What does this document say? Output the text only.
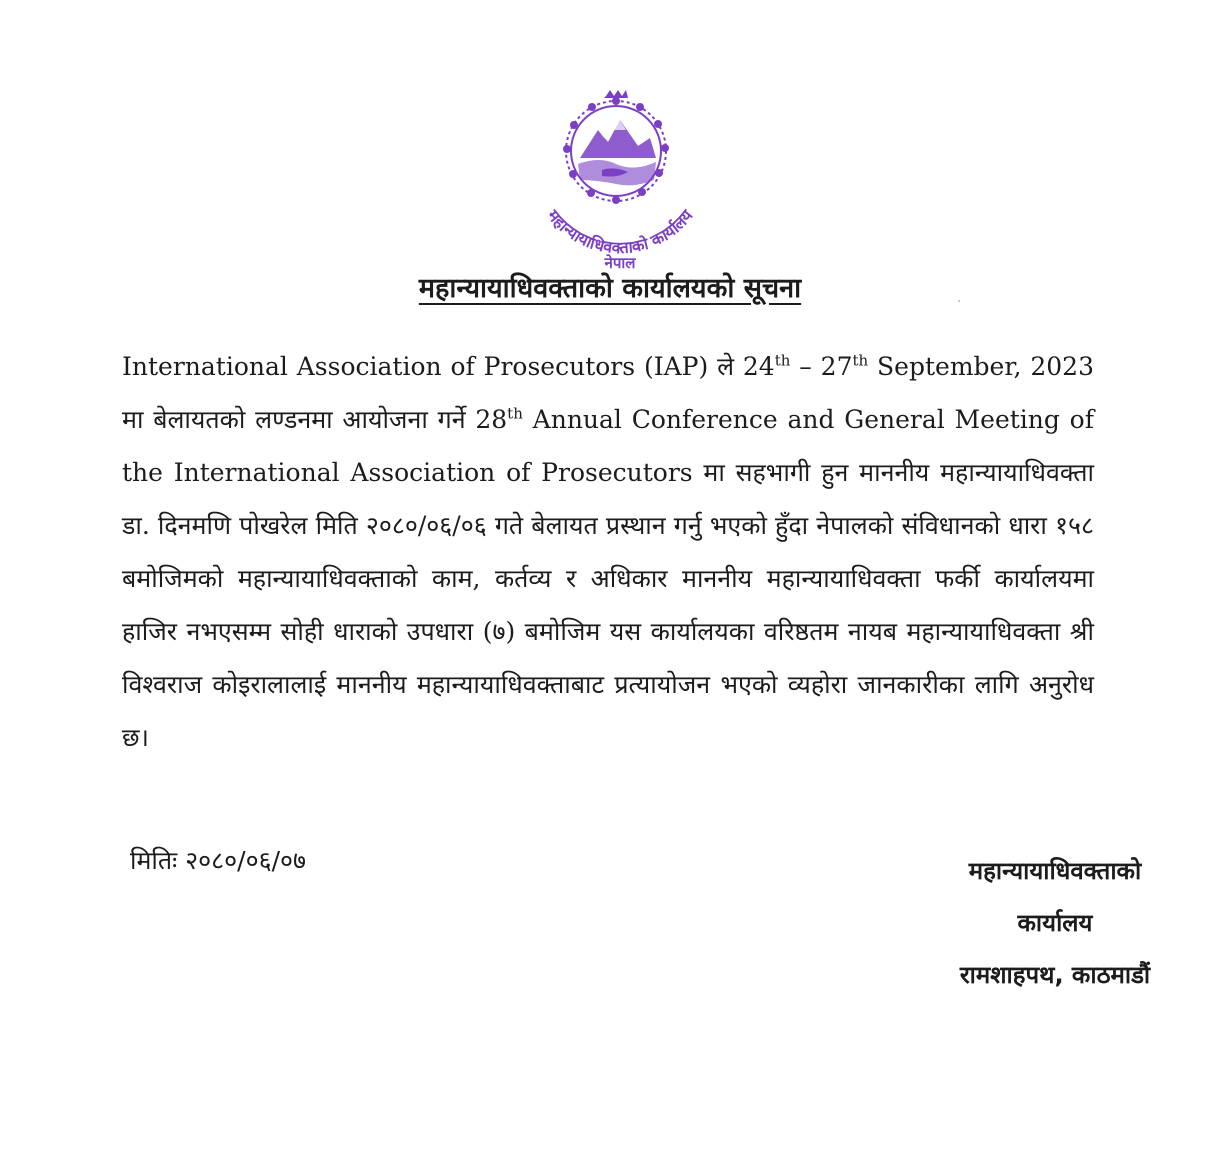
महान्यायाधिवक्ताको कार्यालय
नेपाल
महान्यायाधिवक्ताको कार्यालयको सूचना
International Association of Prosecutors (IAP) ले 24th – 27th September, 2023 मा बेलायतको लण्डनमा आयोजना गर्ने 28th Annual Conference and General Meeting of the International Association of Prosecutors मा सहभागी हुन माननीय महान्यायाधिवक्ता डा. दिनमणि पोखरेल मिति २०८०/०६/०६ गते बेलायत प्रस्थान गर्नु भएको हुँदा नेपालको संविधानको धारा १५८ बमोजिमको महान्यायाधिवक्ताको काम, कर्तव्य र अधिकार माननीय महान्यायाधिवक्ता फर्की कार्यालयमा हाजिर नभएसम्म सोही धाराको उपधारा (७) बमोजिम यस कार्यालयका वरिष्ठतम नायब महान्यायाधिवक्ता श्री विश्वराज कोइरालालाई माननीय महान्यायाधिवक्ताबाट प्रत्यायोजन भएको व्यहोरा जानकारीका लागि अनुरोध छ।
मितिः २०८०/०६/०७	महान्यायाधिवक्ताको
कार्यालय
रामशाहपथ, काठमाडौं
